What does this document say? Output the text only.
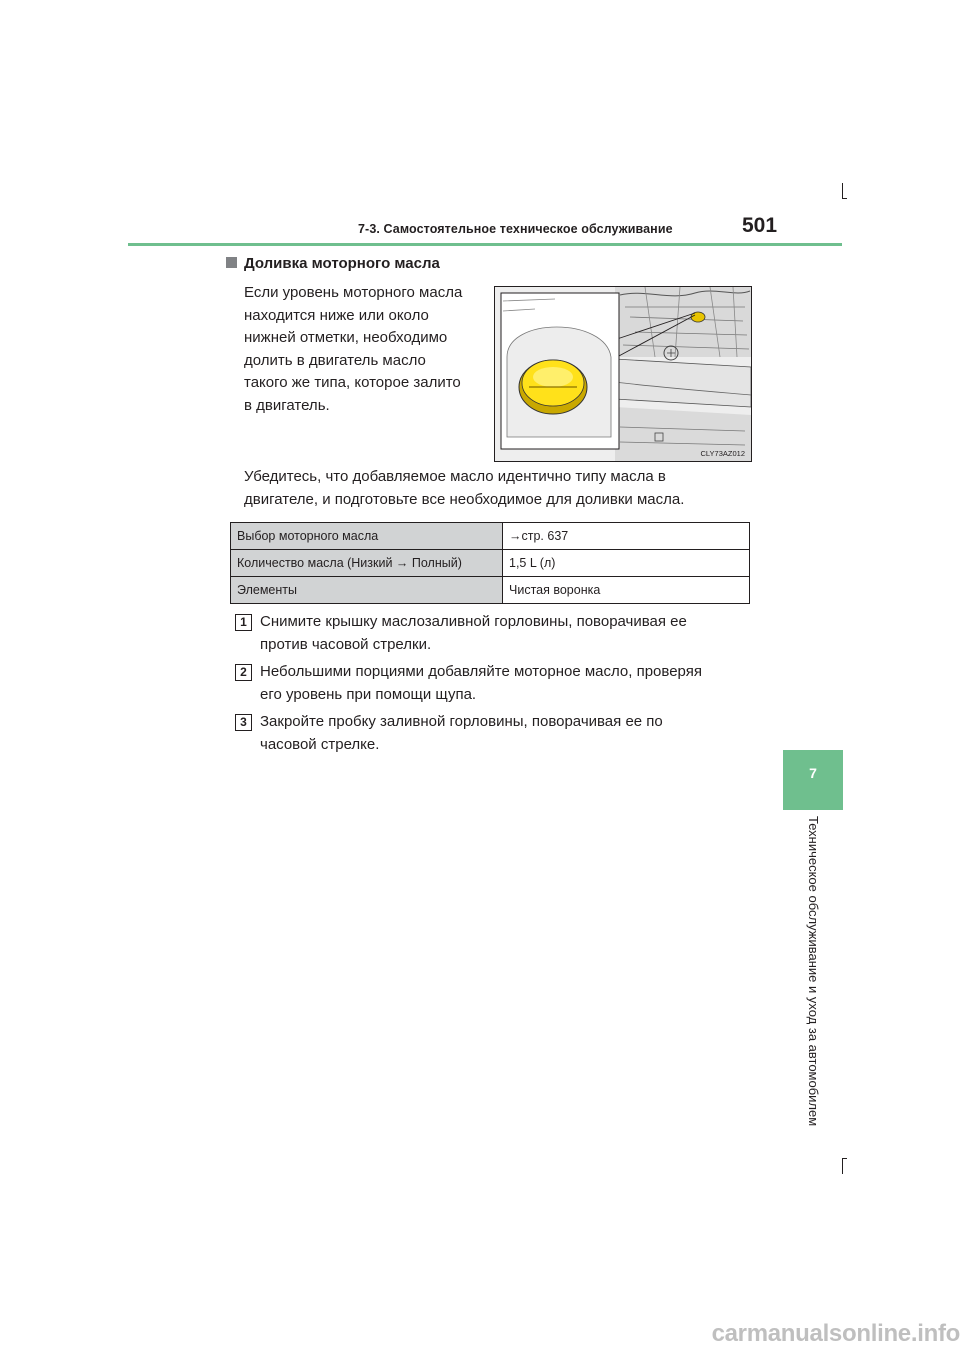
7-3. Самостоятельное техническое обслуживание	501
Доливка моторного масла
Если уровень моторного масла
находится ниже или около
нижней отметки, необходимо
долить в двигатель масло
такого же типа, которое залито
в двигатель.
CLY73AZ012
Убедитесь, что добавляемое масло идентично типу масла в
двигателе, и подготовьте все необходимое для доливки масла.
Выбор моторного масла	→стр. 637
Количество масла (Низкий → Полный)	1,5 L (л)
Элементы	Чистая воронка
1 Снимите крышку маслозаливной горловины, поворачивая ее
против часовой стрелки.
2 Небольшими порциями добавляйте моторное масло, проверяя
его уровень при помощи щупа.
3 Закройте пробку заливной горловины, поворачивая ее по
часовой стрелке.
7
Техническое обслуживание и уход за автомобилем
carmanualsonline.info
